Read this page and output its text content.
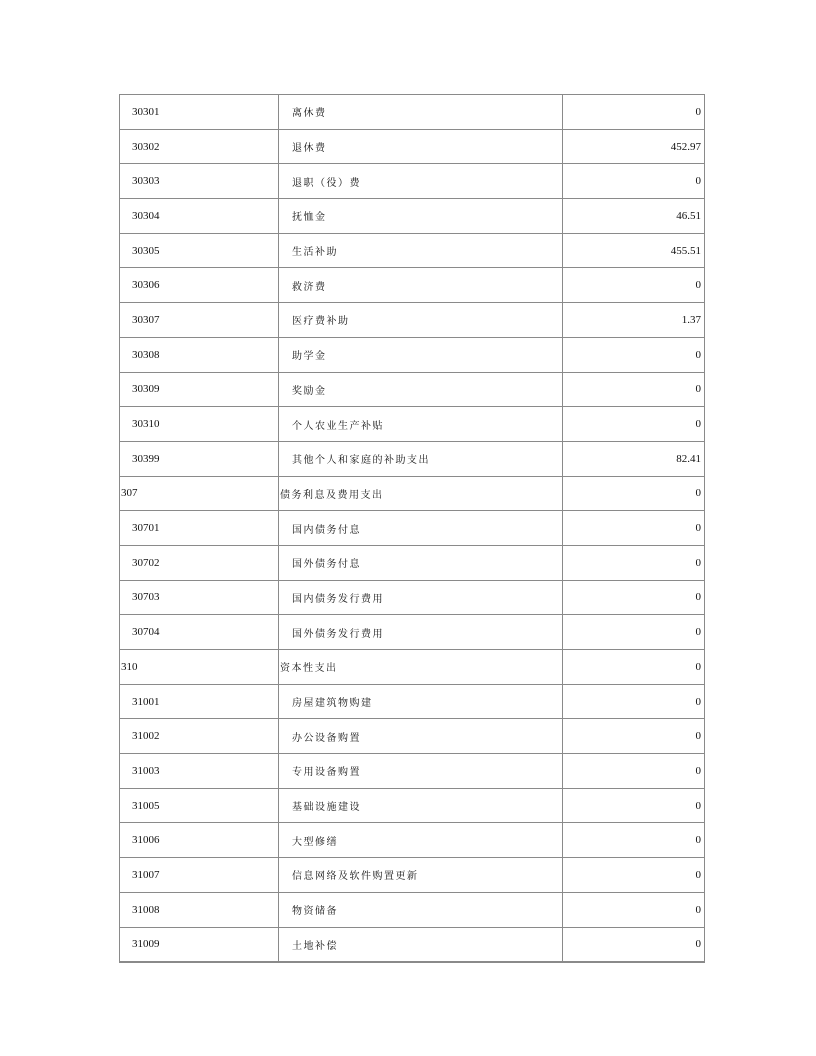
30301	离休费	0
30302	退休费	452.97
30303	退职（役）费	0
30304	抚恤金	46.51
30305	生活补助	455.51
30306	救济费	0
30307	医疗费补助	1.37
30308	助学金	0
30309	奖励金	0
30310	个人农业生产补贴	0
30399	其他个人和家庭的补助支出	82.41
307	债务利息及费用支出	0
30701	国内债务付息	0
30702	国外债务付息	0
30703	国内债务发行费用	0
30704	国外债务发行费用	0
310	资本性支出	0
31001	房屋建筑物购建	0
31002	办公设备购置	0
31003	专用设备购置	0
31005	基础设施建设	0
31006	大型修缮	0
31007	信息网络及软件购置更新	0
31008	物资储备	0
31009	土地补偿	0
